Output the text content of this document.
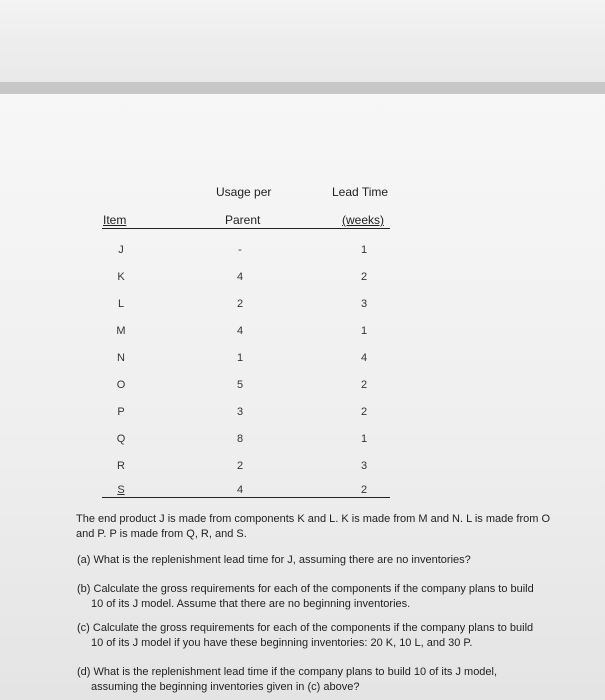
Usage per	Lead Time
Item	Parent	(weeks)
J	-	1
K	4	2
L	2	3
M	4	1
N	1	4
O	5	2
P	3	2
Q	8	1
R	2	3
S	4	2
The end product J is made from components K and L. K is made from M and N. L is made from O
and P. P is made from Q, R, and S.
(a) What is the replenishment lead time for J, assuming there are no inventories?
(b) Calculate the gross requirements for each of the components if the company plans to build
10 of its J model. Assume that there are no beginning inventories.
(c) Calculate the gross requirements for each of the components if the company plans to build
10 of its J model if you have these beginning inventories: 20 K, 10 L, and 30 P.
(d) What is the replenishment lead time if the company plans to build 10 of its J model,
assuming the beginning inventories given in (c) above?
